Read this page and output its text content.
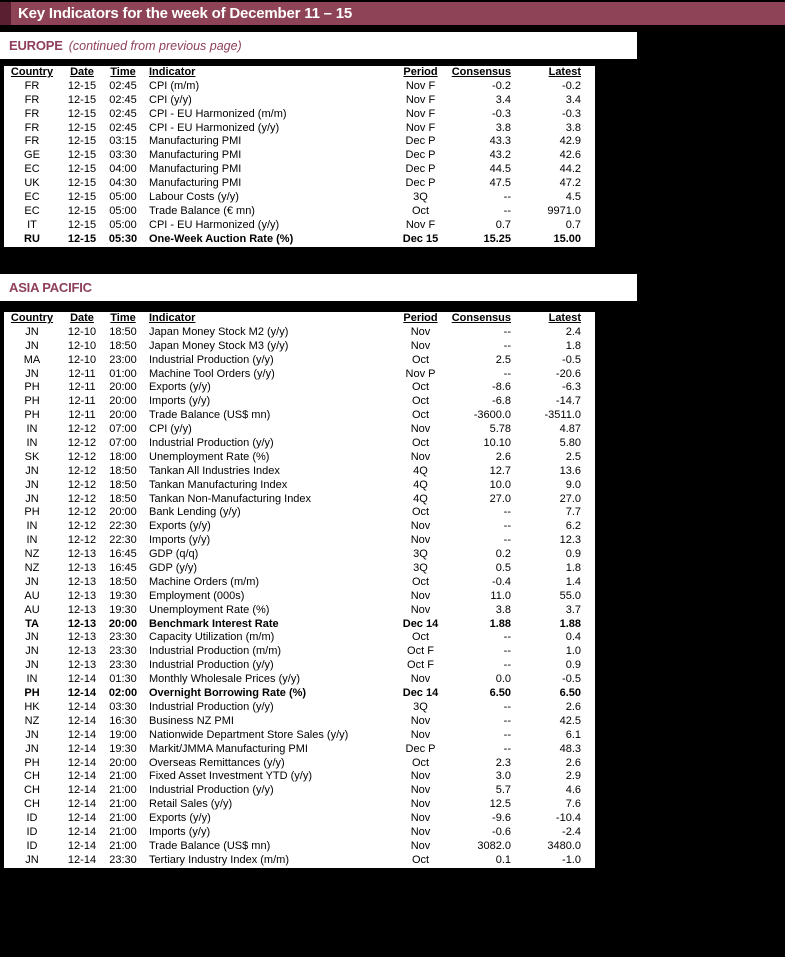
Key Indicators for the week of December 11 – 15
EUROPE (continued from previous page)
Country	Date	Time	Indicator	Period	Consensus	Latest
FR	12-15	02:45	CPI (m/m)	Nov F	-0.2	-0.2
FR	12-15	02:45	CPI (y/y)	Nov F	3.4	3.4
FR	12-15	02:45	CPI - EU Harmonized (m/m)	Nov F	-0.3	-0.3
FR	12-15	02:45	CPI - EU Harmonized (y/y)	Nov F	3.8	3.8
FR	12-15	03:15	Manufacturing PMI	Dec P	43.3	42.9
GE	12-15	03:30	Manufacturing PMI	Dec P	43.2	42.6
EC	12-15	04:00	Manufacturing PMI	Dec P	44.5	44.2
UK	12-15	04:30	Manufacturing PMI	Dec P	47.5	47.2
EC	12-15	05:00	Labour Costs (y/y)	3Q	--	4.5
EC	12-15	05:00	Trade Balance (€ mn)	Oct	--	9971.0
IT	12-15	05:00	CPI - EU Harmonized (y/y)	Nov F	0.7	0.7
RU	12-15	05:30	One-Week Auction Rate (%)	Dec 15	15.25	15.00
ASIA PACIFIC
Country	Date	Time	Indicator	Period	Consensus	Latest
JN	12-10	18:50	Japan Money Stock M2 (y/y)	Nov	--	2.4
JN	12-10	18:50	Japan Money Stock M3 (y/y)	Nov	--	1.8
MA	12-10	23:00	Industrial Production (y/y)	Oct	2.5	-0.5
JN	12-11	01:00	Machine Tool Orders (y/y)	Nov P	--	-20.6
PH	12-11	20:00	Exports (y/y)	Oct	-8.6	-6.3
PH	12-11	20:00	Imports (y/y)	Oct	-6.8	-14.7
PH	12-11	20:00	Trade Balance (US$ mn)	Oct	-3600.0	-3511.0
IN	12-12	07:00	CPI (y/y)	Nov	5.78	4.87
IN	12-12	07:00	Industrial Production (y/y)	Oct	10.10	5.80
SK	12-12	18:00	Unemployment Rate (%)	Nov	2.6	2.5
JN	12-12	18:50	Tankan All Industries Index	4Q	12.7	13.6
JN	12-12	18:50	Tankan Manufacturing Index	4Q	10.0	9.0
JN	12-12	18:50	Tankan Non-Manufacturing Index	4Q	27.0	27.0
PH	12-12	20:00	Bank Lending (y/y)	Oct	--	7.7
IN	12-12	22:30	Exports (y/y)	Nov	--	6.2
IN	12-12	22:30	Imports (y/y)	Nov	--	12.3
NZ	12-13	16:45	GDP (q/q)	3Q	0.2	0.9
NZ	12-13	16:45	GDP (y/y)	3Q	0.5	1.8
JN	12-13	18:50	Machine Orders (m/m)	Oct	-0.4	1.4
AU	12-13	19:30	Employment (000s)	Nov	11.0	55.0
AU	12-13	19:30	Unemployment Rate (%)	Nov	3.8	3.7
TA	12-13	20:00	Benchmark Interest Rate	Dec 14	1.88	1.88
JN	12-13	23:30	Capacity Utilization (m/m)	Oct	--	0.4
JN	12-13	23:30	Industrial Production (m/m)	Oct F	--	1.0
JN	12-13	23:30	Industrial Production (y/y)	Oct F	--	0.9
IN	12-14	01:30	Monthly Wholesale Prices (y/y)	Nov	0.0	-0.5
PH	12-14	02:00	Overnight Borrowing Rate (%)	Dec 14	6.50	6.50
HK	12-14	03:30	Industrial Production (y/y)	3Q	--	2.6
NZ	12-14	16:30	Business NZ PMI	Nov	--	42.5
JN	12-14	19:00	Nationwide Department Store Sales (y/y)	Nov	--	6.1
JN	12-14	19:30	Markit/JMMA Manufacturing PMI	Dec P	--	48.3
PH	12-14	20:00	Overseas Remittances (y/y)	Oct	2.3	2.6
CH	12-14	21:00	Fixed Asset Investment YTD (y/y)	Nov	3.0	2.9
CH	12-14	21:00	Industrial Production (y/y)	Nov	5.7	4.6
CH	12-14	21:00	Retail Sales (y/y)	Nov	12.5	7.6
ID	12-14	21:00	Exports (y/y)	Nov	-9.6	-10.4
ID	12-14	21:00	Imports (y/y)	Nov	-0.6	-2.4
ID	12-14	21:00	Trade Balance (US$ mn)	Nov	3082.0	3480.0
JN	12-14	23:30	Tertiary Industry Index (m/m)	Oct	0.1	-1.0
